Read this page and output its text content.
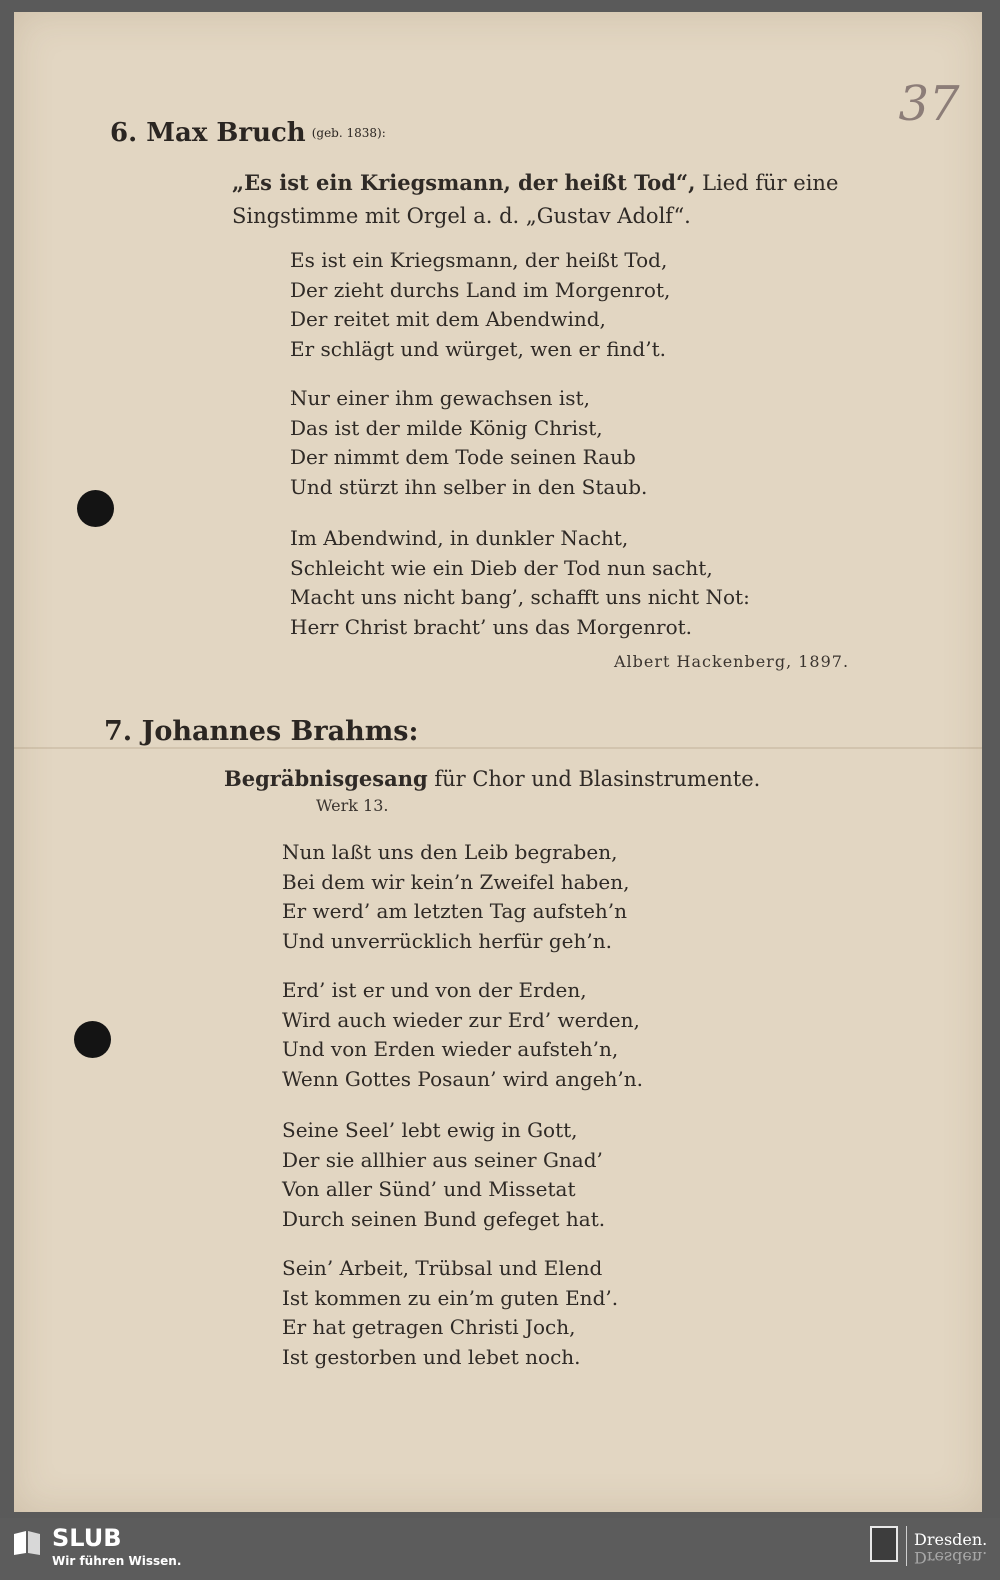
37
6. Max Bruch (geb. 1838):
„Es ist ein Kriegsmann, der heißt Tod“, Lied für eine
Singstimme mit Orgel a. d. „Gustav Adolf“.
Es ist ein Kriegsmann, der heißt Tod,
Der zieht durchs Land im Morgenrot,
Der reitet mit dem Abendwind,
Er schlägt und würget, wen er find’t.
Nur einer ihm gewachsen ist,
Das ist der milde König Christ,
Der nimmt dem Tode seinen Raub
Und stürzt ihn selber in den Staub.
Im Abendwind, in dunkler Nacht,
Schleicht wie ein Dieb der Tod nun sacht,
Macht uns nicht bang’, schafft uns nicht Not:
Herr Christ bracht’ uns das Morgenrot.
Albert Hackenberg, 1897.
7. Johannes Brahms:
Begräbnisgesang für Chor und Blasinstrumente.
Werk 13.
Nun laßt uns den Leib begraben,
Bei dem wir kein’n Zweifel haben,
Er werd’ am letzten Tag aufsteh’n
Und unverrücklich herfür geh’n.
Erd’ ist er und von der Erden,
Wird auch wieder zur Erd’ werden,
Und von Erden wieder aufsteh’n,
Wenn Gottes Posaun’ wird angeh’n.
Seine Seel’ lebt ewig in Gott,
Der sie allhier aus seiner Gnad’
Von aller Sünd’ und Missetat
Durch seinen Bund gefeget hat.
Sein’ Arbeit, Trübsal und Elend
Ist kommen zu ein’m guten End’.
Er hat getragen Christi Joch,
Ist gestorben und lebet noch.
SLUB
Wir führen Wissen.
Dresden.
Dresden.
